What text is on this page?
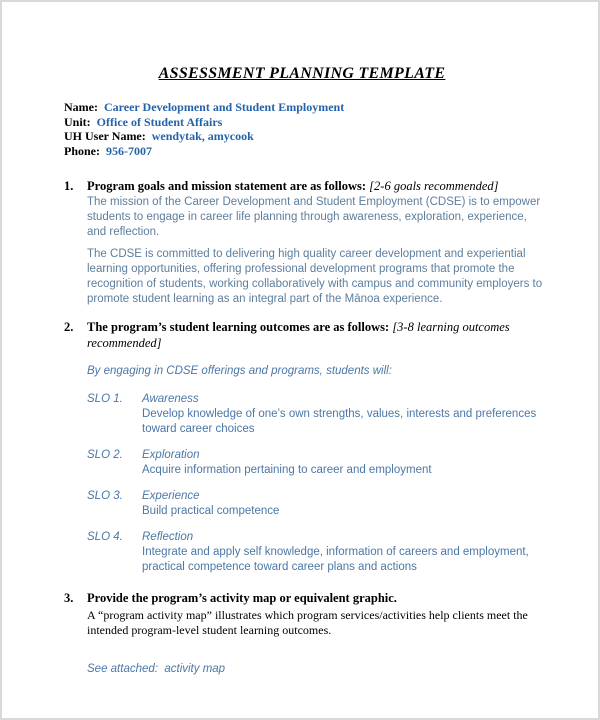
ASSESSMENT PLANNING TEMPLATE
Name: Career Development and Student Employment
Unit: Office of Student Affairs
UH User Name: wendytak, amycook
Phone: 956-7007
1.	Program goals and mission statement are as follows: [2-6 goals recommended]

The mission of the Career Development and Student Employment (CDSE) is to empower students to engage in career life planning through awareness, exploration, experience, and reflection.

The CDSE is committed to delivering high quality career development and experiential learning opportunities, offering professional development programs that promote the recognition of students, working collaboratively with campus and community employers to promote student learning as an integral part of the Mānoa experience.

2.	The program’s student learning outcomes are as follows: [3-8 learning outcomes recommended]

By engaging in CDSE offerings and programs, students will:

SLO 1.	Awareness
Develop knowledge of one’s own strengths, values, interests and preferences toward career choices
SLO 2.	Exploration
Acquire information pertaining to career and employment
SLO 3.	Experience
Build practical competence
SLO 4.	Reflection
Integrate and apply self knowledge, information of careers and employment, practical competence toward career plans and actions
3.	Provide the program’s activity map or equivalent graphic.

A “program activity map” illustrates which program services/activities help clients meet the intended program-level student learning outcomes.

See attached:  activity map
